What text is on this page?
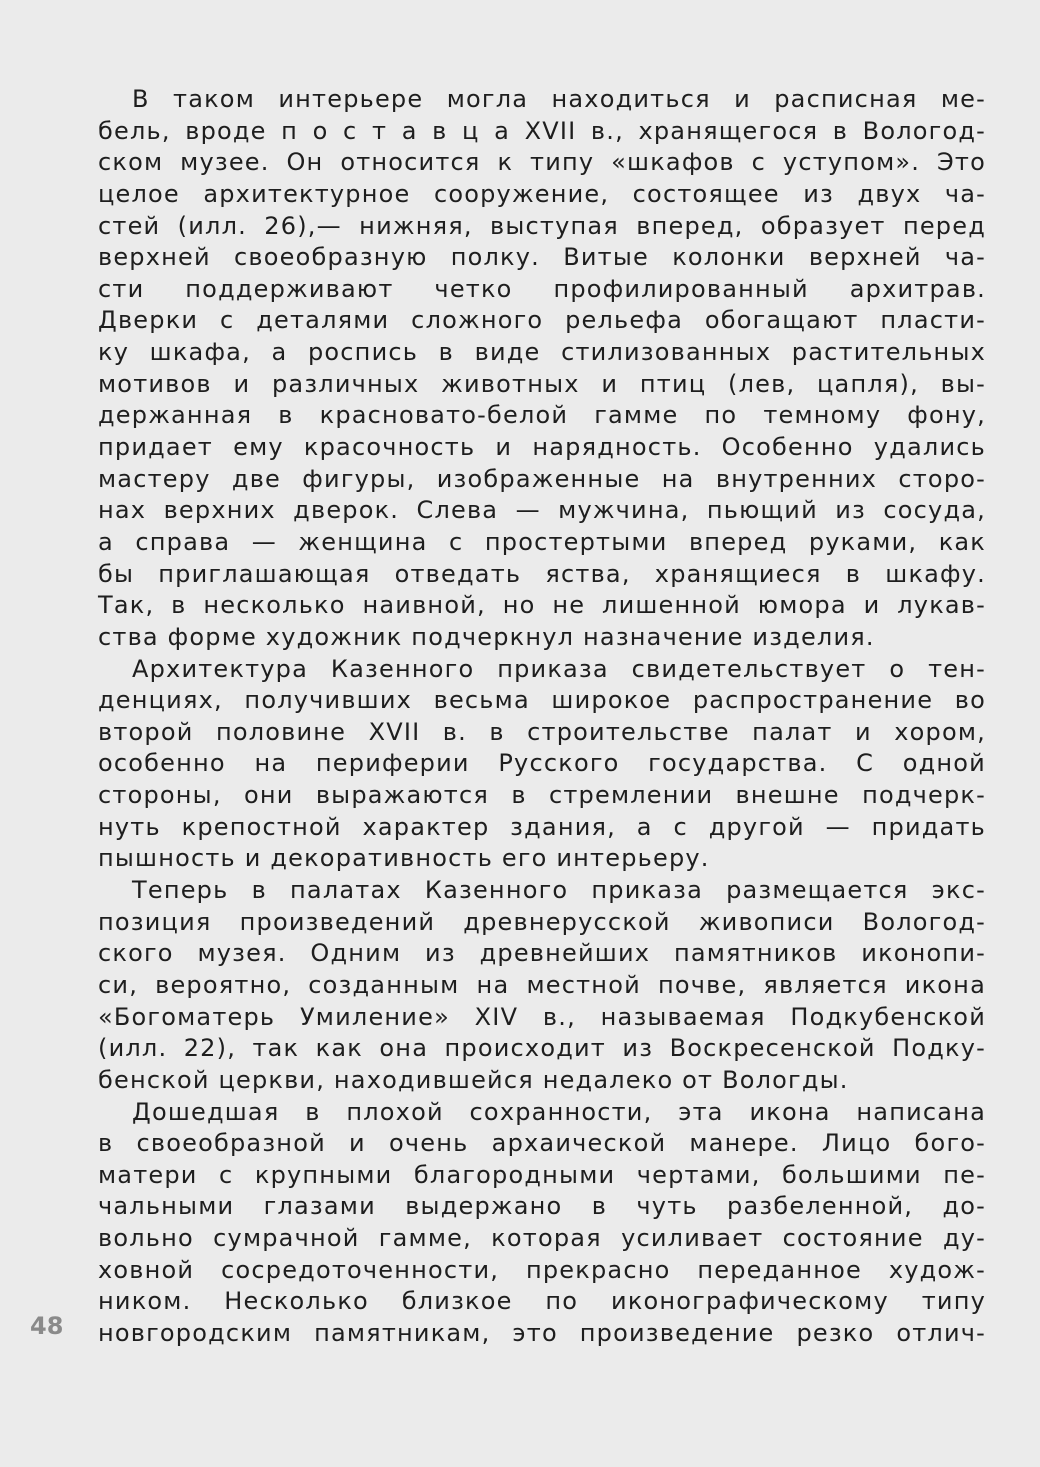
В таком интерьере могла находиться и расписная ме-
бель, вроде п о с т а в ц а XVII в., хранящегося в Вологод-
ском музее. Он относится к типу «шкафов с уступом». Это
целое архитектурное сооружение, состоящее из двух ча-
стей (илл. 26),— нижняя, выступая вперед, образует перед
верхней своеобразную полку. Витые колонки верхней ча-
сти поддерживают четко профилированный архитрав.
Дверки с деталями сложного рельефа обогащают пласти-
ку шкафа, а роспись в виде стилизованных растительных
мотивов и различных животных и птиц (лев, цапля), вы-
держанная в красновато-белой гамме по темному фону,
придает ему красочность и нарядность. Особенно удались
мастеру две фигуры, изображенные на внутренних сторо-
нах верхних дверок. Слева — мужчина, пьющий из сосуда,
а справа — женщина с простертыми вперед руками, как
бы приглашающая отведать яства, хранящиеся в шкафу.
Так, в несколько наивной, но не лишенной юмора и лукав-
ства форме художник подчеркнул назначение изделия.
Архитектура Казенного приказа свидетельствует о тен-
денциях, получивших весьма широкое распространение во
второй половине XVII в. в строительстве палат и хором,
особенно на периферии Русского государства. С одной
стороны, они выражаются в стремлении внешне подчерк-
нуть крепостной характер здания, а с другой — придать
пышность и декоративность его интерьеру.
Теперь в палатах Казенного приказа размещается экс-
позиция произведений древнерусской живописи Вологод-
ского музея. Одним из древнейших памятников иконопи-
си, вероятно, созданным на местной почве, является икона
«Богоматерь Умиление» XIV в., называемая Подкубенской
(илл. 22), так как она происходит из Воскресенской Подку-
бенской церкви, находившейся недалеко от Вологды.
Дошедшая в плохой сохранности, эта икона написана
в своеобразной и очень архаической манере. Лицо бого-
матери с крупными благородными чертами, большими пе-
чальными глазами выдержано в чуть разбеленной, до-
вольно сумрачной гамме, которая усиливает состояние ду-
ховной сосредоточенности, прекрасно переданное худож-
ником. Несколько близкое по иконографическому типу
новгородским памятникам, это произведение резко отлич-
48
